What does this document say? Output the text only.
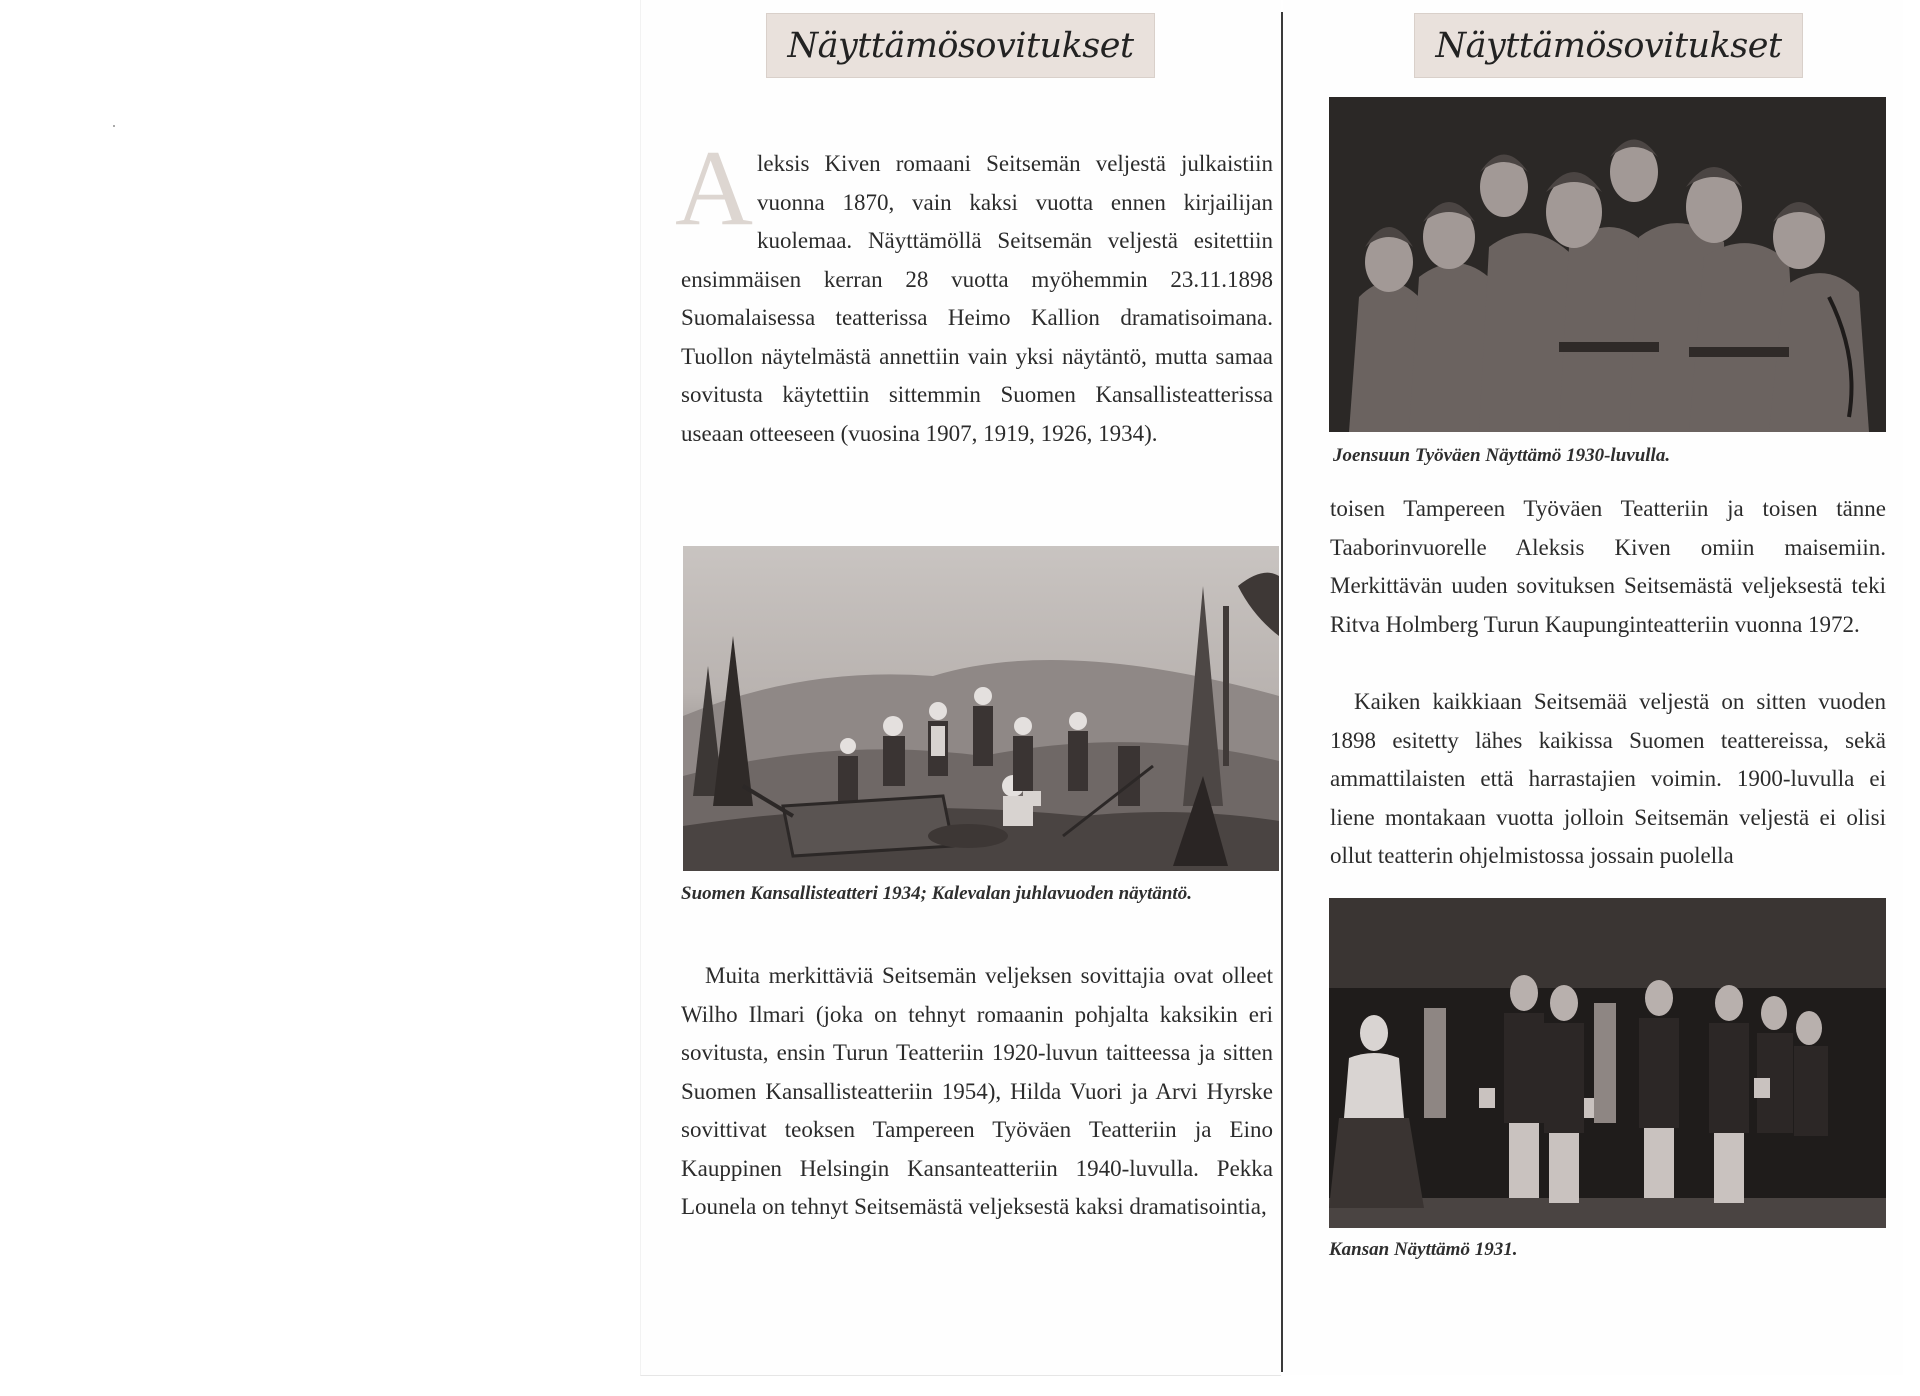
Näyttämösovitukset

Aleksis Kiven romaani Seitsemän veljestä julkaistiin vuonna 1870, vain kaksi vuotta ennen kirjailijan kuolemaa. Näyttämöllä Seitsemän veljestä esitettiin ensimmäisen kerran 28 vuotta myöhemmin 23.11.1898 Suomalaisessa teatterissa Heimo Kallion dramatisoimana. Tuollon näytelmästä annettiin vain yksi näytäntö, mutta samaa sovitusta käytettiin sittemmin Suomen Kansallisteatterissa useaan otteeseen (vuosina 1907, 1919, 1926, 1934).

Suomen Kansallisteatteri 1934; Kalevalan juhlavuoden näytäntö.

Muita merkittäviä Seitsemän veljeksen sovittajia ovat olleet Wilho Ilmari (joka on tehnyt romaanin pohjalta kaksikin eri sovitusta, ensin Turun Teatteriin 1920-luvun taitteessa ja sitten Suomen Kansallisteatteriin 1954), Hilda Vuori ja Arvi Hyrske sovittivat teoksen Tampereen Työväen Teatteriin ja Eino Kauppinen Helsingin Kansanteatteriin 1940-luvulla. Pekka Lounela on tehnyt Seitsemästä veljeksestä kaksi dramatisointia,

Näyttämösovitukset

Joensuun Työväen Näyttämö 1930-luvulla.

toisen Tampereen Työväen Teatteriin ja toisen tänne Taaborinvuorelle Aleksis Kiven omiin maisemiin. Merkittävän uuden sovituksen Seitsemästä veljeksestä teki Ritva Holmberg Turun Kaupunginteatteriin vuonna 1972.

Kaiken kaikkiaan Seitsemää veljestä on sitten vuoden 1898 esitetty lähes kaikissa Suomen teattereissa, sekä ammattilaisten että harrastajien voimin. 1900-luvulla ei liene montakaan vuotta jolloin Seitsemän veljestä ei olisi ollut teatterin ohjelmistossa jossain puolella

Kansan Näyttämö 1931.
